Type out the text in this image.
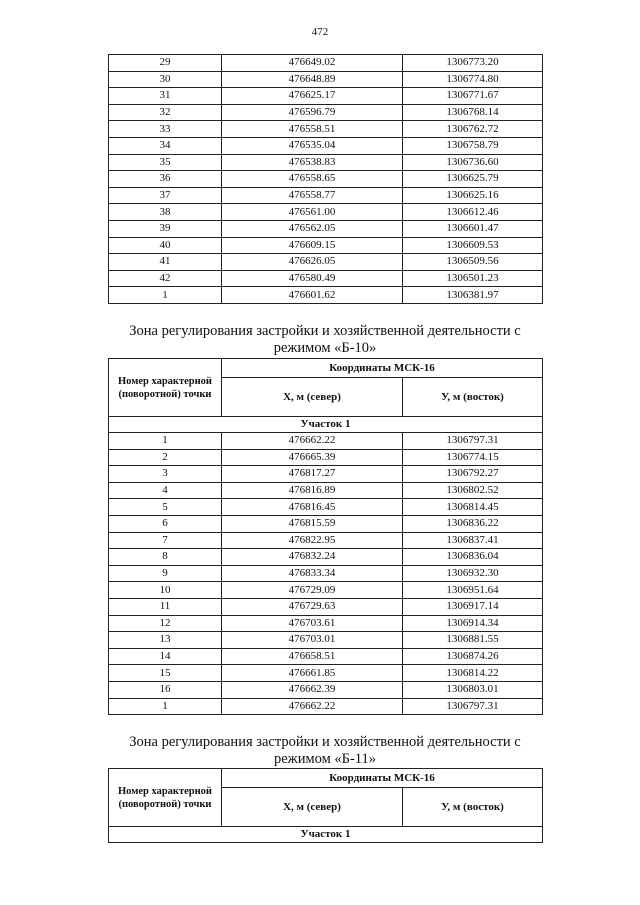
472
29	476649.02	1306773.20
30	476648.89	1306774.80
31	476625.17	1306771.67
32	476596.79	1306768.14
33	476558.51	1306762.72
34	476535.04	1306758.79
35	476538.83	1306736.60
36	476558.65	1306625.79
37	476558.77	1306625.16
38	476561.00	1306612.46
39	476562.05	1306601.47
40	476609.15	1306609.53
41	476626.05	1306509.56
42	476580.49	1306501.23
1	476601.62	1306381.97
Зона регулирования застройки и хозяйственной деятельности с
режимом «Б-10»
Номер характерной (поворотной) точки	Координаты МСК-16	
	X, м (север)	У, м (восток)
Участок 1		
1	476662.22	1306797.31
2	476665.39	1306774.15
3	476817.27	1306792.27
4	476816.89	1306802.52
5	476816.45	1306814.45
6	476815.59	1306836.22
7	476822.95	1306837.41
8	476832.24	1306836.04
9	476833.34	1306932.30
10	476729.09	1306951.64
11	476729.63	1306917.14
12	476703.61	1306914.34
13	476703.01	1306881.55
14	476658.51	1306874.26
15	476661.85	1306814.22
16	476662.39	1306803.01
1	476662.22	1306797.31
Зона регулирования застройки и хозяйственной деятельности с
режимом «Б-11»
Номер характерной (поворотной) точки	Координаты МСК-16	
	X, м (север)	У, м (восток)
Участок 1		
